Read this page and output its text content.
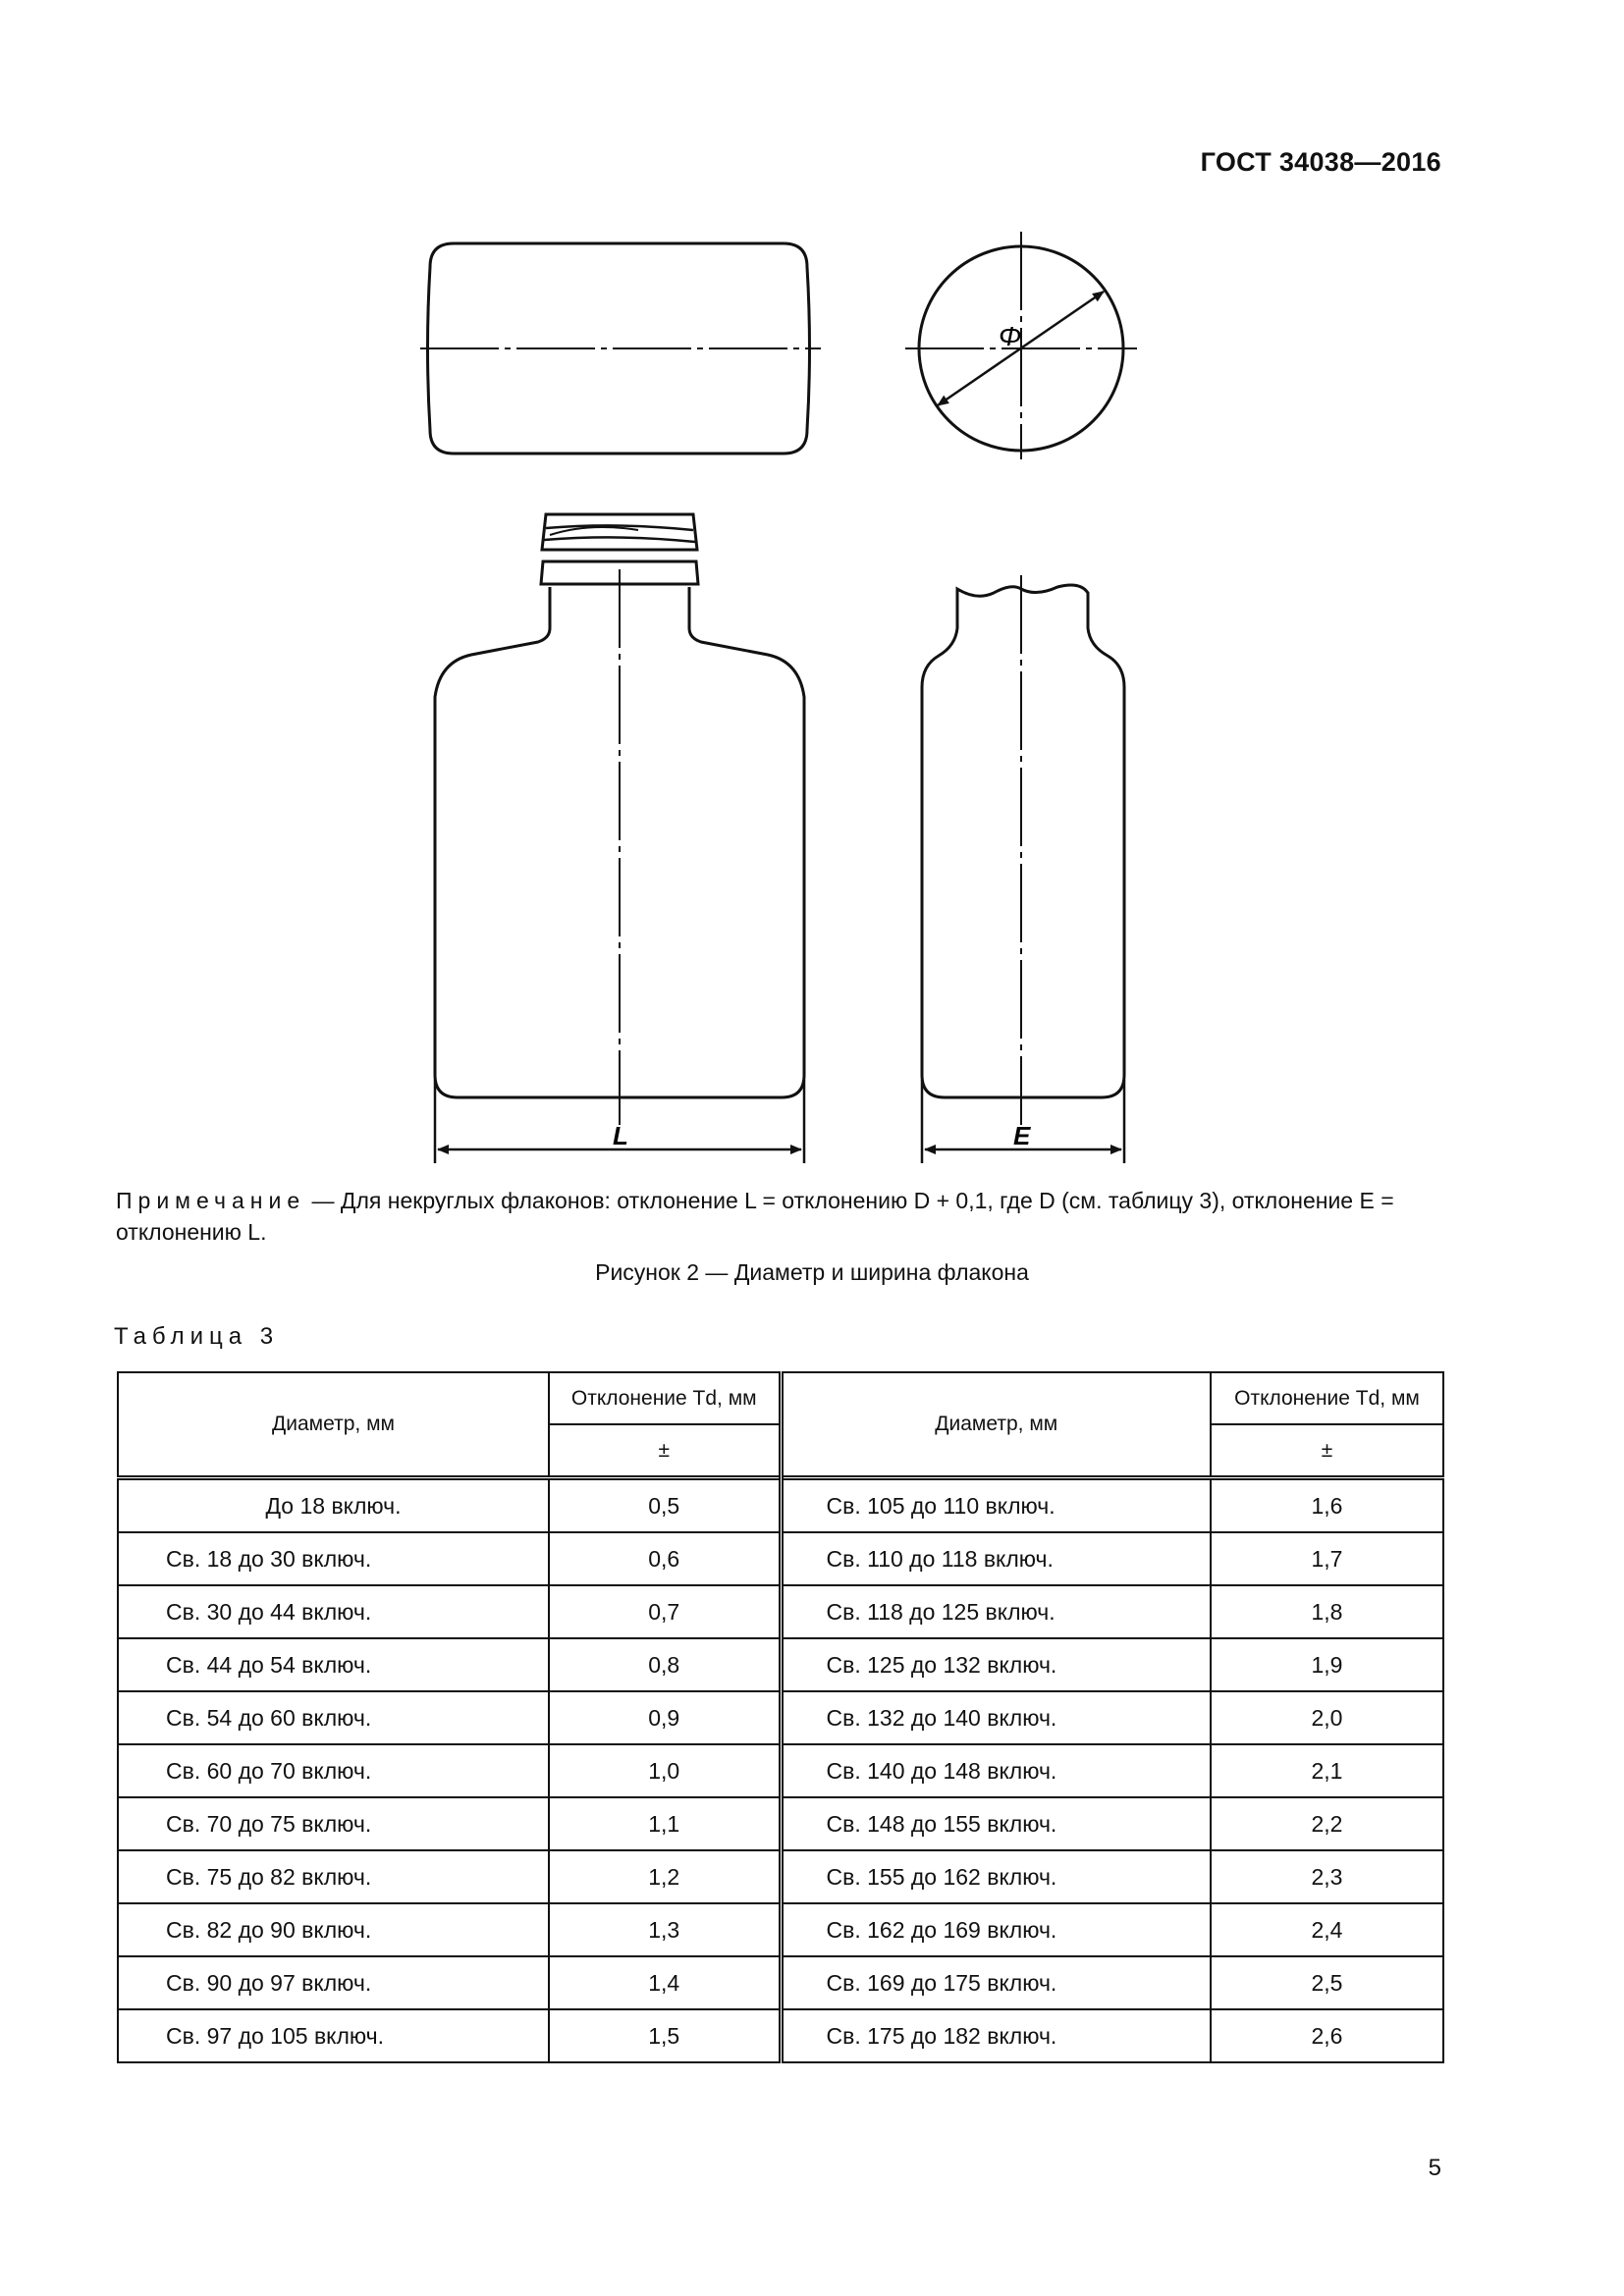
ГОСТ 34038—2016
Φ
L	E
Примечание — Для некруглых флаконов: отклонение L = отклонению D + 0,1, где D (см. таблицу 3), отклонение E = отклонению L.
Рисунок 2 — Диаметр и ширина флакона
Таблица 3
Диаметр, мм	Отклонение Td, мм	Диаметр, мм	Отклонение Td, мм
	±		±
До 18 включ.	0,5	Св. 105 до 110 включ.	1,6
Св. 18 до 30 включ.	0,6	Св. 110 до 118 включ.	1,7
Св. 30 до 44 включ.	0,7	Св. 118 до 125 включ.	1,8
Св. 44 до 54 включ.	0,8	Св. 125 до 132 включ.	1,9
Св. 54 до 60 включ.	0,9	Св. 132 до 140 включ.	2,0
Св. 60 до 70 включ.	1,0	Св. 140 до 148 включ.	2,1
Св. 70 до 75 включ.	1,1	Св. 148 до 155 включ.	2,2
Св. 75 до 82 включ.	1,2	Св. 155 до 162 включ.	2,3
Св. 82 до 90 включ.	1,3	Св. 162 до 169 включ.	2,4
Св. 90 до 97 включ.	1,4	Св. 169 до 175 включ.	2,5
Св. 97 до 105 включ.	1,5	Св. 175 до 182 включ.	2,6
5
